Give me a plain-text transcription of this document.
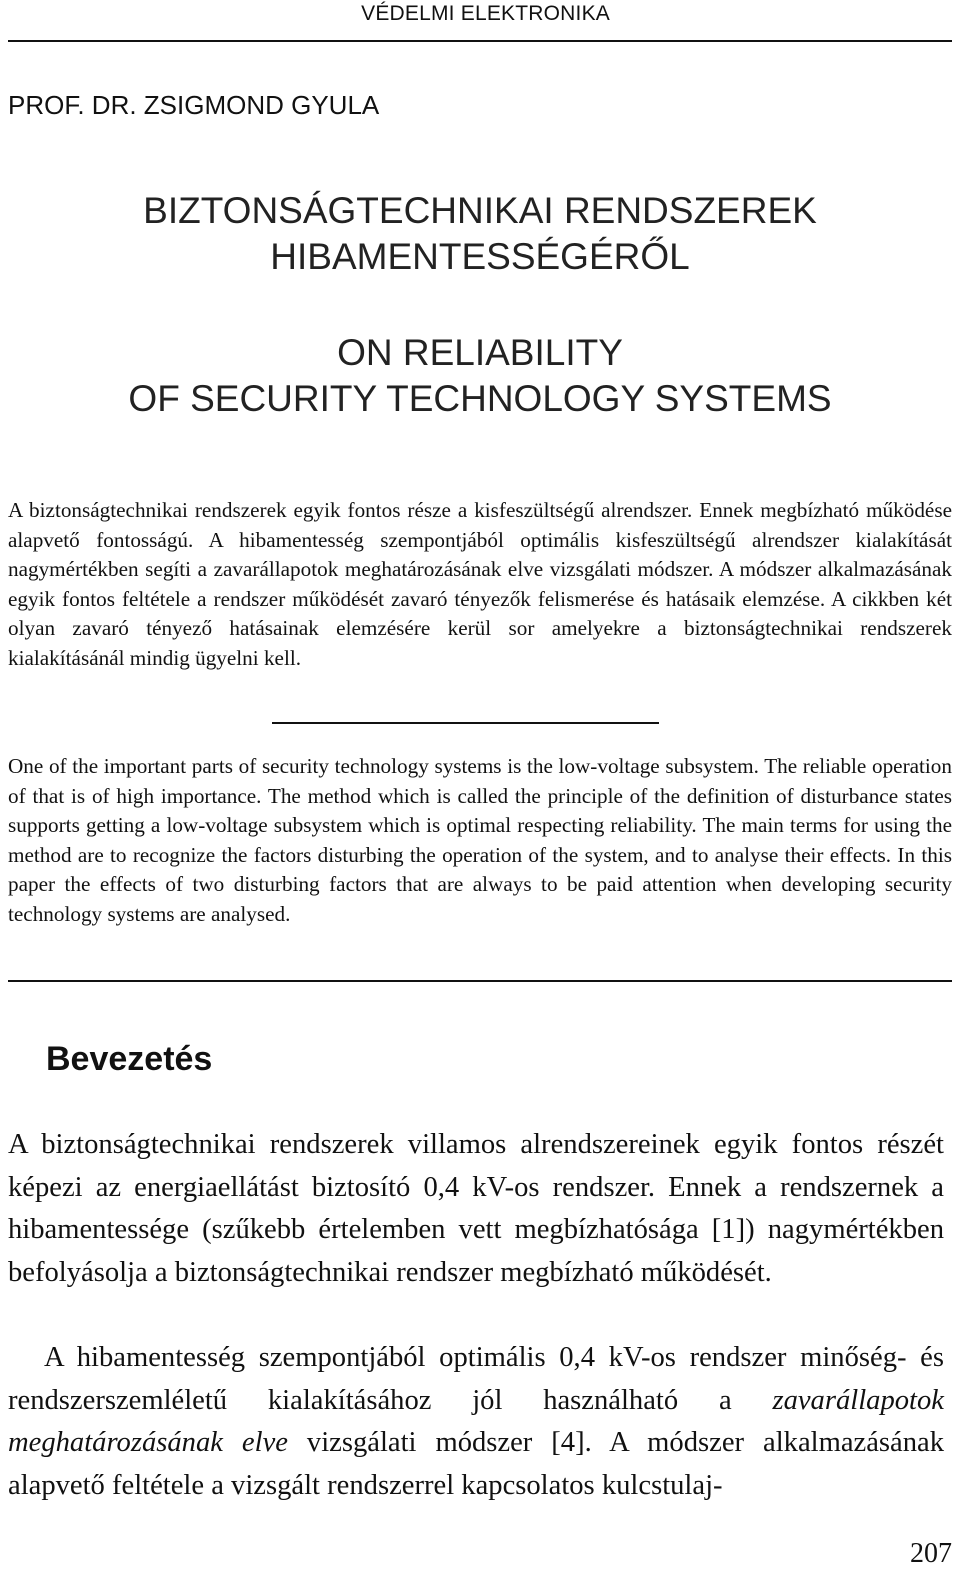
VÉDELMI ELEKTRONIKA
PROF. DR. ZSIGMOND GYULA
BIZTONSÁGTECHNIKAI RENDSZEREK
HIBAMENTESSÉGÉRŐL
ON RELIABILITY
OF SECURITY TECHNOLOGY SYSTEMS

A biztonságtechnikai rendszerek egyik fontos része a kisfeszültségű alrendszer. Ennek megbízható működése alapvető fontosságú. A hibamentesség szempontjából optimális kisfeszültségű alrendszer kialakítását nagymértékben segíti a zavarállapotok meghatározásának elve vizsgálati módszer. A módszer alkalmazásának egyik fontos feltétele a rendszer működését zavaró tényezők felismerése és hatásaik elemzése. A cikkben két olyan zavaró tényező hatásainak elemzésére kerül sor amelyekre a biztonságtechnikai rendszerek kialakításánál mindig ügyelni kell.

One of the important parts of security technology systems is the low-voltage subsystem. The reliable operation of that is of high importance. The method which is called the principle of the definition of disturbance states supports getting a low-voltage subsystem which is optimal respecting reliability. The main terms for using the method are to recognize the factors disturbing the operation of the system, and to analyse their effects. In this paper the effects of two disturbing factors that are always to be paid attention when developing security technology systems are analysed.

Bevezetés

A biztonságtechnikai rendszerek villamos alrendszereinek egyik fontos részét képezi az energiaellátást biztosító 0,4 kV-os rendszer. Ennek a rendszernek a hibamentessége (szűkebb értelemben vett megbízhatósága [1]) nagymértékben befolyásolja a biztonságtechnikai rendszer megbízható működését.

A hibamentesség szempontjából optimális 0,4 kV-os rendszer minőség- és rendszerszemléletű kialakításához jól használható a zavarállapotok meghatározásának elve vizsgálati módszer [4]. A módszer alkalmazásának alapvető feltétele a vizsgált rendszerrel kapcsolatos kulcstulaj-

207
